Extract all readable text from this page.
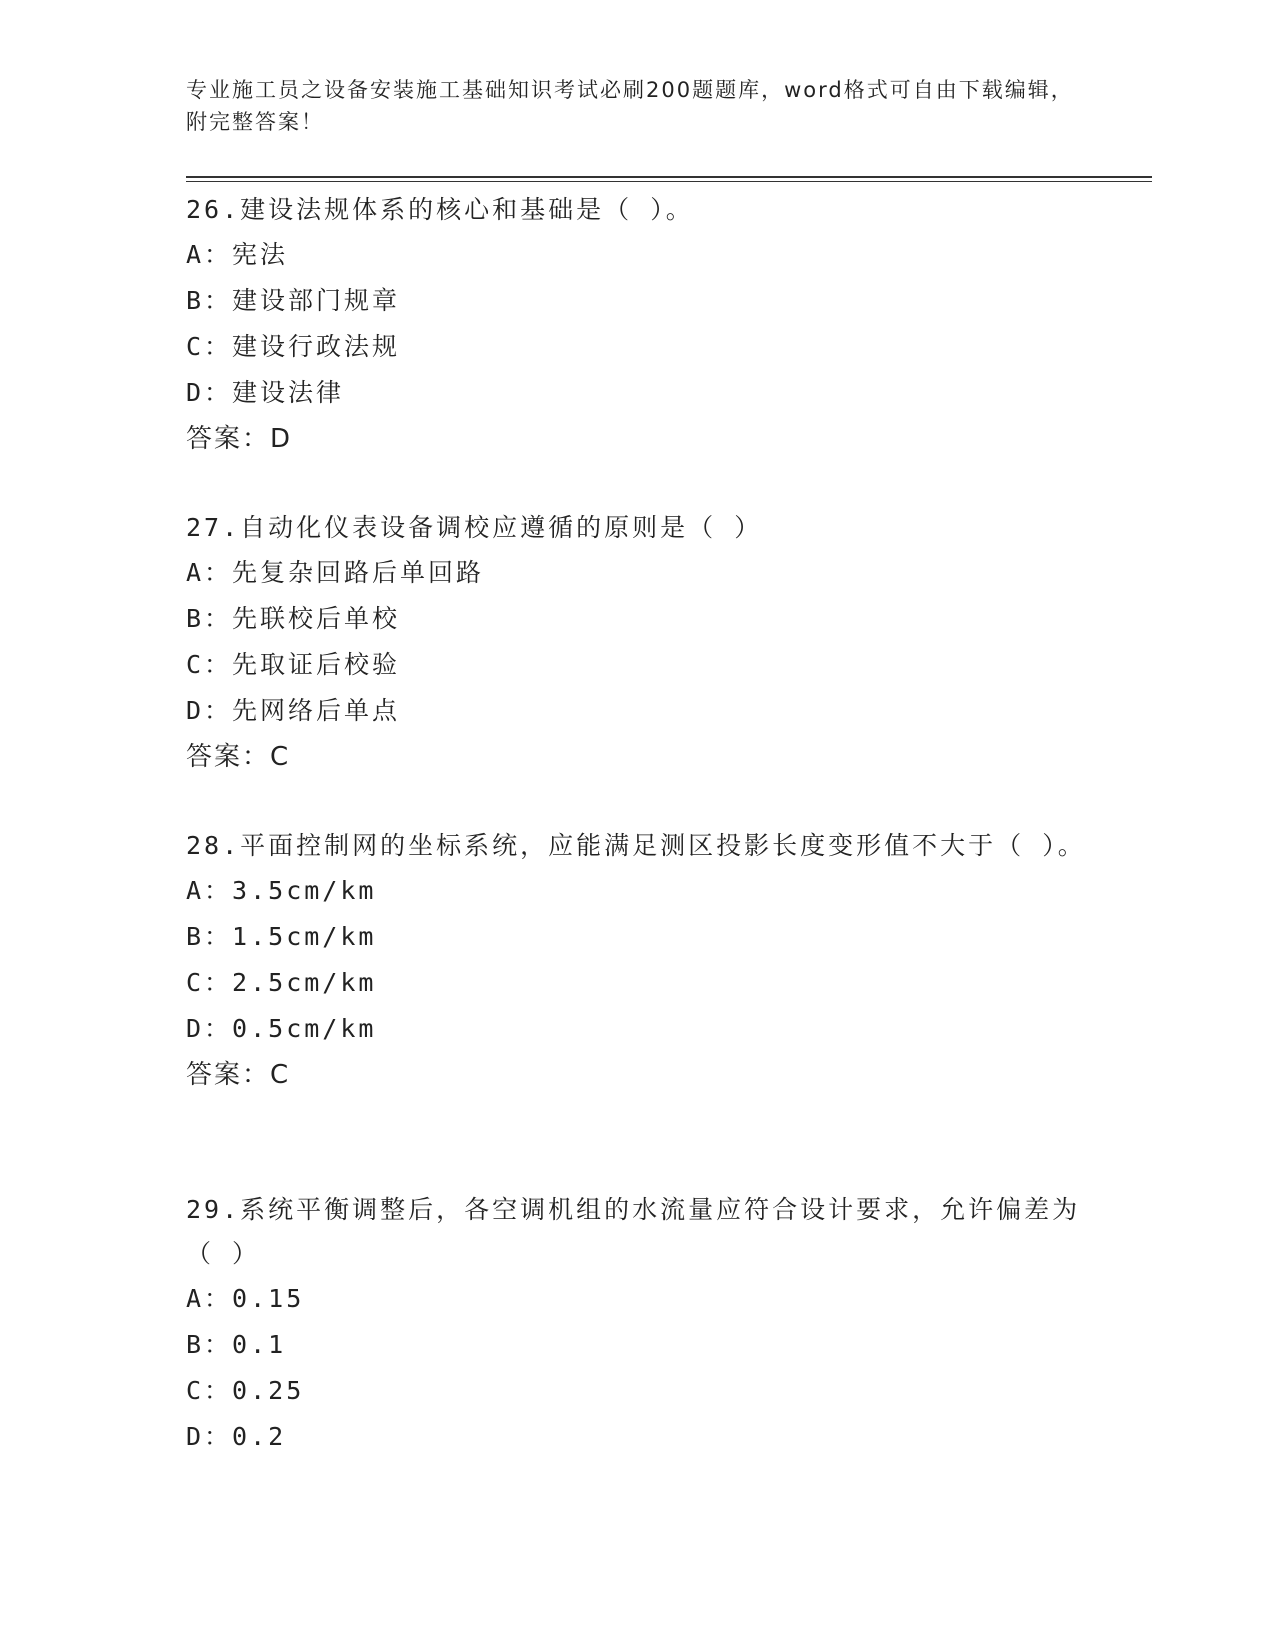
专业施工员之设备安装施工基础知识考试必刷200题题库，word格式可自由下载编辑，附完整答案！

26.建设法规体系的核心和基础是（ ）。

A：宪法

B：建设部门规章

C：建设行政法规

D：建设法律

答案：D

27.自动化仪表设备调校应遵循的原则是（ ）

A：先复杂回路后单回路

B：先联校后单校

C：先取证后校验

D：先网络后单点

答案：C

28.平面控制网的坐标系统，应能满足测区投影长度变形值不大于（ ）。

A：3.5cm/km

B：1.5cm/km

C：2.5cm/km

D：0.5cm/km

答案：C

29.系统平衡调整后，各空调机组的水流量应符合设计要求，允许偏差为（ ）

A：0.15

B：0.1

C：0.25

D：0.2
